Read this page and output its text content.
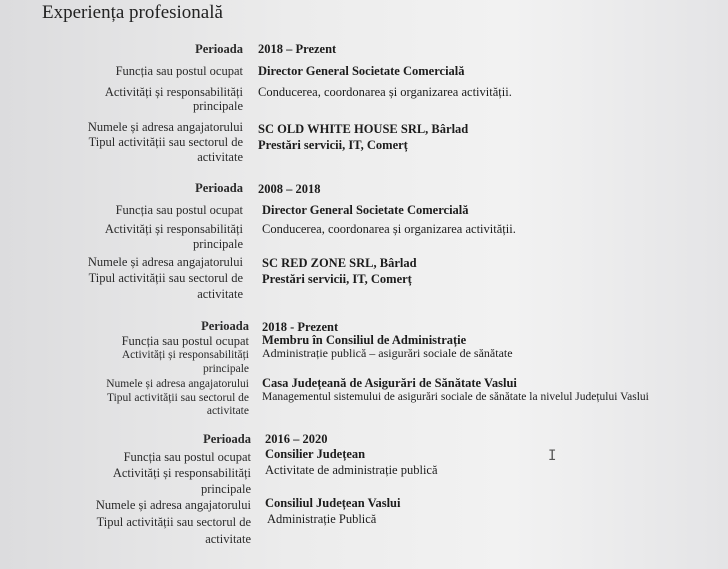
Experiența profesională
Perioada 2018 – Prezent
Funcția sau postul ocupat Director General Societate Comercială
Activități și responsabilități
principale
Conducerea, coordonarea și organizarea activității.
Numele și adresa angajatorului SC OLD WHITE HOUSE SRL, Bârlad
Tipul activității sau sectorul de
activitate
Prestări servicii, IT, Comerț
Perioada 2008 – 2018
Funcția sau postul ocupat Director General Societate Comercială
Activități și responsabilități
principale
Conducerea, coordonarea și organizarea activității.
Numele și adresa angajatorului SC RED ZONE SRL, Bârlad
Tipul activității sau sectorul de
activitate
Prestări servicii, IT, Comerț
Perioada 2018 - Prezent
Funcția sau postul ocupat Membru în Consiliul de Administrație
Activități și responsabilități
principale
Administrație publică – asigurări sociale de sănătate
Numele și adresa angajatorului Casa Județeană de Asigurări de Sănătate Vaslui
Tipul activității sau sectorul de
activitate
Managementul sistemului de asigurări sociale de sănătate la nivelul Județului Vaslui
Perioada 2016 – 2020
Funcția sau postul ocupat Consilier Județean
Activități și responsabilități
principale
Activitate de administrație publică
Numele și adresa angajatorului Consiliul Județean Vaslui
Tipul activității sau sectorul de
activitate
Administrație Publică
I
